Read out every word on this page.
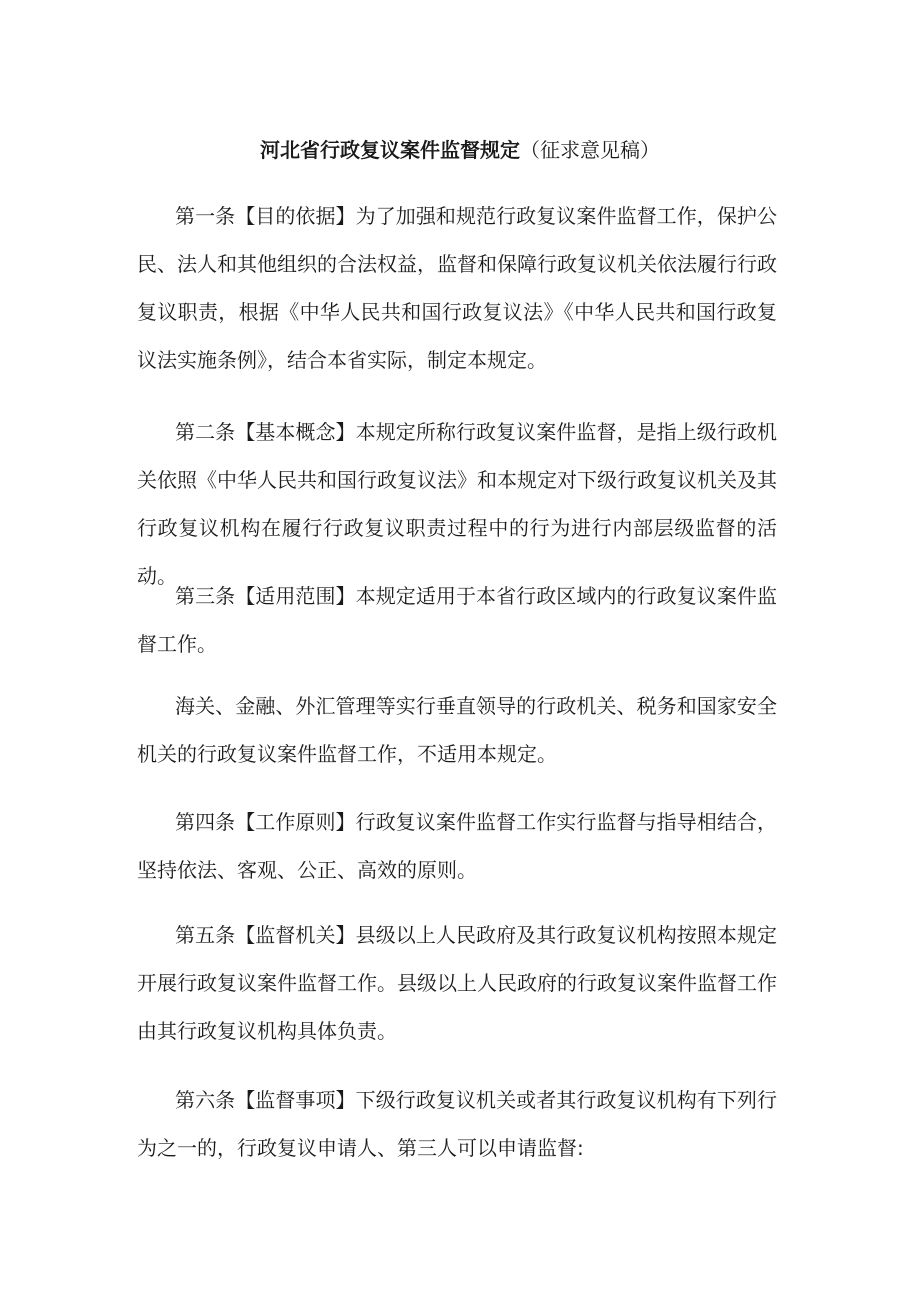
河北省行政复议案件监督规定（征求意见稿）

第一条【目的依据】为了加强和规范行政复议案件监督工作，保护公民、法人和其他组织的合法权益，监督和保障行政复议机关依法履行行政复议职责，根据《中华人民共和国行政复议法》《中华人民共和国行政复议法实施条例》，结合本省实际，制定本规定。

第二条【基本概念】本规定所称行政复议案件监督，是指上级行政机关依照《中华人民共和国行政复议法》和本规定对下级行政复议机关及其行政复议机构在履行行政复议职责过程中的行为进行内部层级监督的活动。

第三条【适用范围】本规定适用于本省行政区域内的行政复议案件监督工作。

海关、金融、外汇管理等实行垂直领导的行政机关、税务和国家安全机关的行政复议案件监督工作，不适用本规定。

第四条【工作原则】行政复议案件监督工作实行监督与指导相结合，坚持依法、客观、公正、高效的原则。

第五条【监督机关】县级以上人民政府及其行政复议机构按照本规定开展行政复议案件监督工作。县级以上人民政府的行政复议案件监督工作由其行政复议机构具体负责。

第六条【监督事项】下级行政复议机关或者其行政复议机构有下列行为之一的，行政复议申请人、第三人可以申请监督:
